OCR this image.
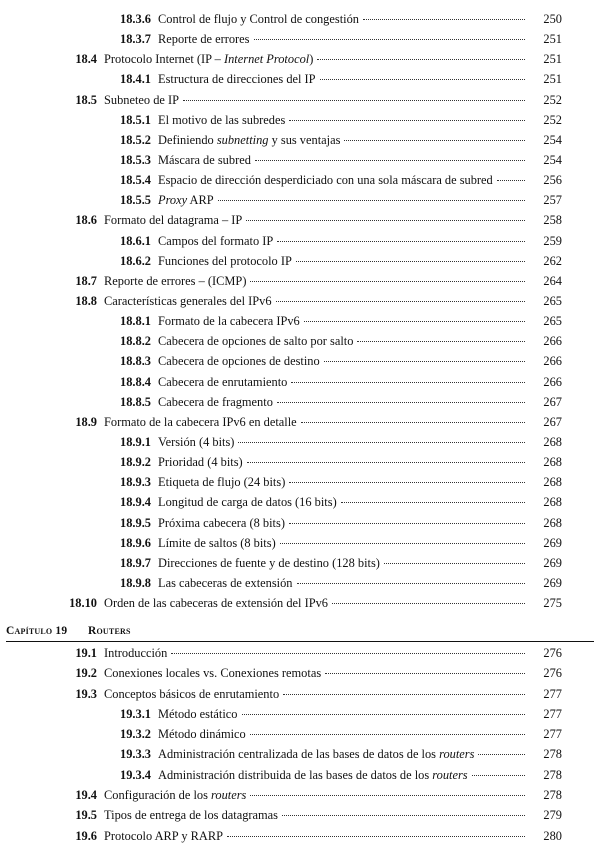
18.3.6 Control de flujo y Control de congestión	250
18.3.7 Reporte de errores	251
18.4 Protocolo Internet (IP – Internet Protocol)	251
18.4.1 Estructura de direcciones del IP	251
18.5 Subneteo de IP	252
18.5.1 El motivo de las subredes	252
18.5.2 Definiendo subnetting y sus ventajas	254
18.5.3 Máscara de subred	254
18.5.4 Espacio de dirección desperdiciado con una sola máscara de subred	256
18.5.5 Proxy ARP	257
18.6 Formato del datagrama – IP	258
18.6.1 Campos del formato IP	259
18.6.2 Funciones del protocolo IP	262
18.7 Reporte de errores – (ICMP)	264
18.8 Características generales del IPv6	265
18.8.1 Formato de la cabecera IPv6	265
18.8.2 Cabecera de opciones de salto por salto	266
18.8.3 Cabecera de opciones de destino	266
18.8.4 Cabecera de enrutamiento	266
18.8.5 Cabecera de fragmento	267
18.9 Formato de la cabecera IPv6 en detalle	267
18.9.1 Versión (4 bits)	268
18.9.2 Prioridad (4 bits)	268
18.9.3 Etiqueta de flujo (24 bits)	268
18.9.4 Longitud de carga de datos (16 bits)	268
18.9.5 Próxima cabecera (8 bits)	268
18.9.6 Límite de saltos (8 bits)	269
18.9.7 Direcciones de fuente y de destino (128 bits)	269
18.9.8 Las cabeceras de extensión	269
18.10 Orden de las cabeceras de extensión del IPv6	275
Capítulo 19 Routers
19.1 Introducción	276
19.2 Conexiones locales vs. Conexiones remotas	276
19.3 Conceptos básicos de enrutamiento	277
19.3.1 Método estático	277
19.3.2 Método dinámico	277
19.3.3 Administración centralizada de las bases de datos de los routers	278
19.3.4 Administración distribuida de las bases de datos de los routers	278
19.4 Configuración de los routers	278
19.5 Tipos de entrega de los datagramas	279
19.6 Protocolo ARP y RARP	280
